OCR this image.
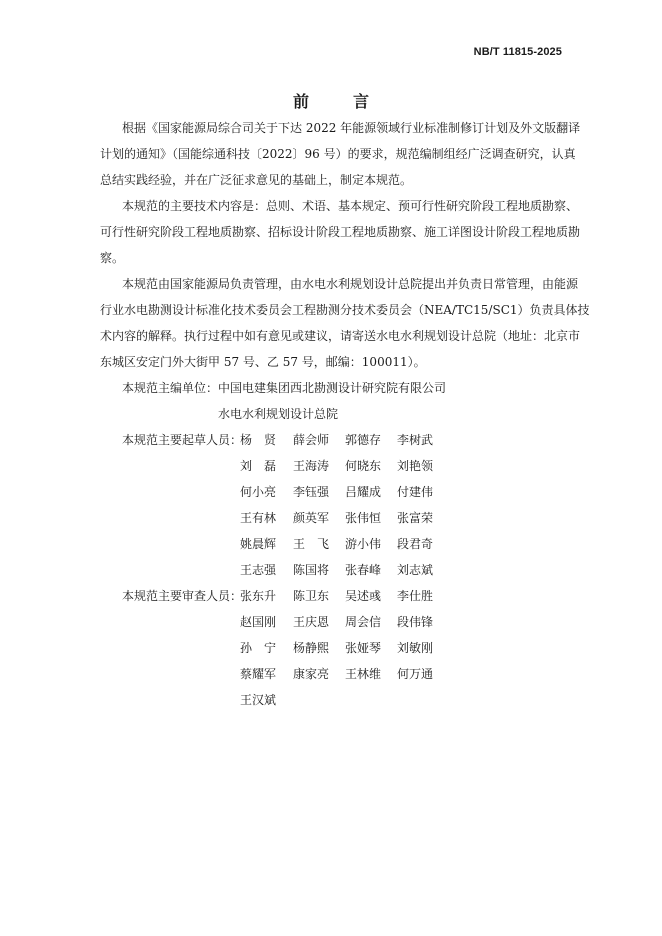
NB/T 11815-2025
前　言
根据《国家能源局综合司关于下达 2022 年能源领域行业标准制修订计划及外文版翻译
计划的通知》（国能综通科技〔2022〕96 号）的要求，规范编制组经广泛调查研究，认真
总结实践经验，并在广泛征求意见的基础上，制定本规范。
本规范的主要技术内容是：总则、术语、基本规定、预可行性研究阶段工程地质勘察、
可行性研究阶段工程地质勘察、招标设计阶段工程地质勘察、施工详图设计阶段工程地质勘
察。
本规范由国家能源局负责管理，由水电水利规划设计总院提出并负责日常管理，由能源
行业水电勘测设计标准化技术委员会工程勘测分技术委员会（NEA/TC15/SC1）负责具体技
术内容的解释。执行过程中如有意见或建议，请寄送水电水利规划设计总院（地址：北京市
东城区安定门外大街甲 57 号、乙 57 号，邮编：100011）。
本规范主编单位： 中国电建集团西北勘测设计研究院有限公司
水电水利规划设计总院
本规范主要起草人员：
杨　贤 薛会师 郭德存 李树武
刘　磊 王海涛 何晓东 刘艳领
何小亮 李钰强 吕耀成 付建伟
王有林 颜英军 张伟恒 张富荣
姚晨辉 王　飞 游小伟 段君奇
王志强 陈国将 张春峰 刘志斌
本规范主要审查人员：
张东升 陈卫东 吴述彧 李仕胜
赵国刚 王庆恩 周会信 段伟锋
孙　宁 杨静熙 张娅琴 刘敏刚
蔡耀军 康家亮 王林维 何万通
王汉斌
